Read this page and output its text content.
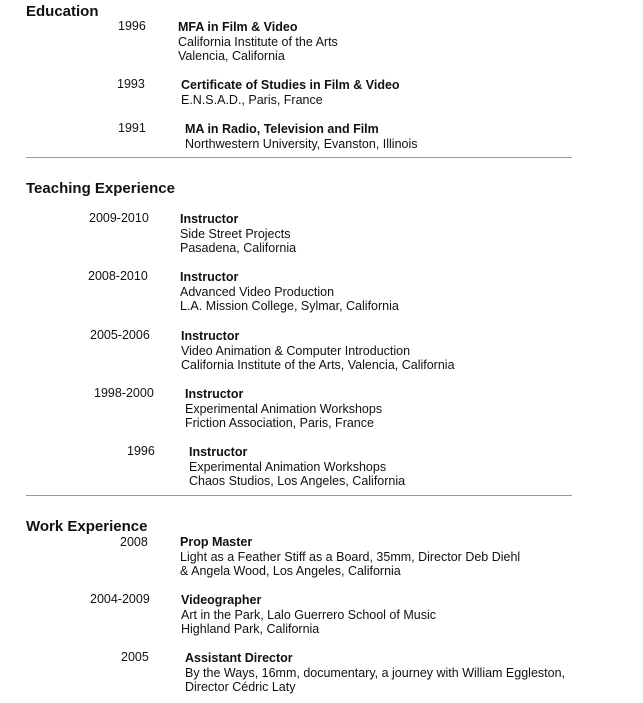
Education
1996	MFA in Film & Video
California Institute of the Arts
Valencia, California
1993	Certificate of Studies in Film & Video
E.N.S.A.D., Paris, France
1991	MA in Radio, Television and Film
Northwestern University, Evanston, Illinois
Teaching Experience
2009-2010 Instructor
Side Street Projects
Pasadena, California
2008-2010	Instructor
Advanced Video Production
L.A. Mission College, Sylmar, California
2005-2006 Instructor
Video Animation & Computer Introduction
California Institute of the Arts, Valencia, California
1998-2000 Instructor
Experimental Animation Workshops
Friction Association, Paris, France
1996	Instructor
Experimental Animation Workshops
Chaos Studios, Los Angeles, California
Work Experience
2008	Prop Master
Light as a Feather Stiff as a Board, 35mm, Director Deb Diehl
& Angela Wood, Los Angeles, California
2004-2009 Videographer
Art in the Park, Lalo Guerrero School of Music
Highland Park, California
2005	Assistant Director
By the Ways, 16mm, documentary, a journey with William Eggleston,
Director Cédric Laty
